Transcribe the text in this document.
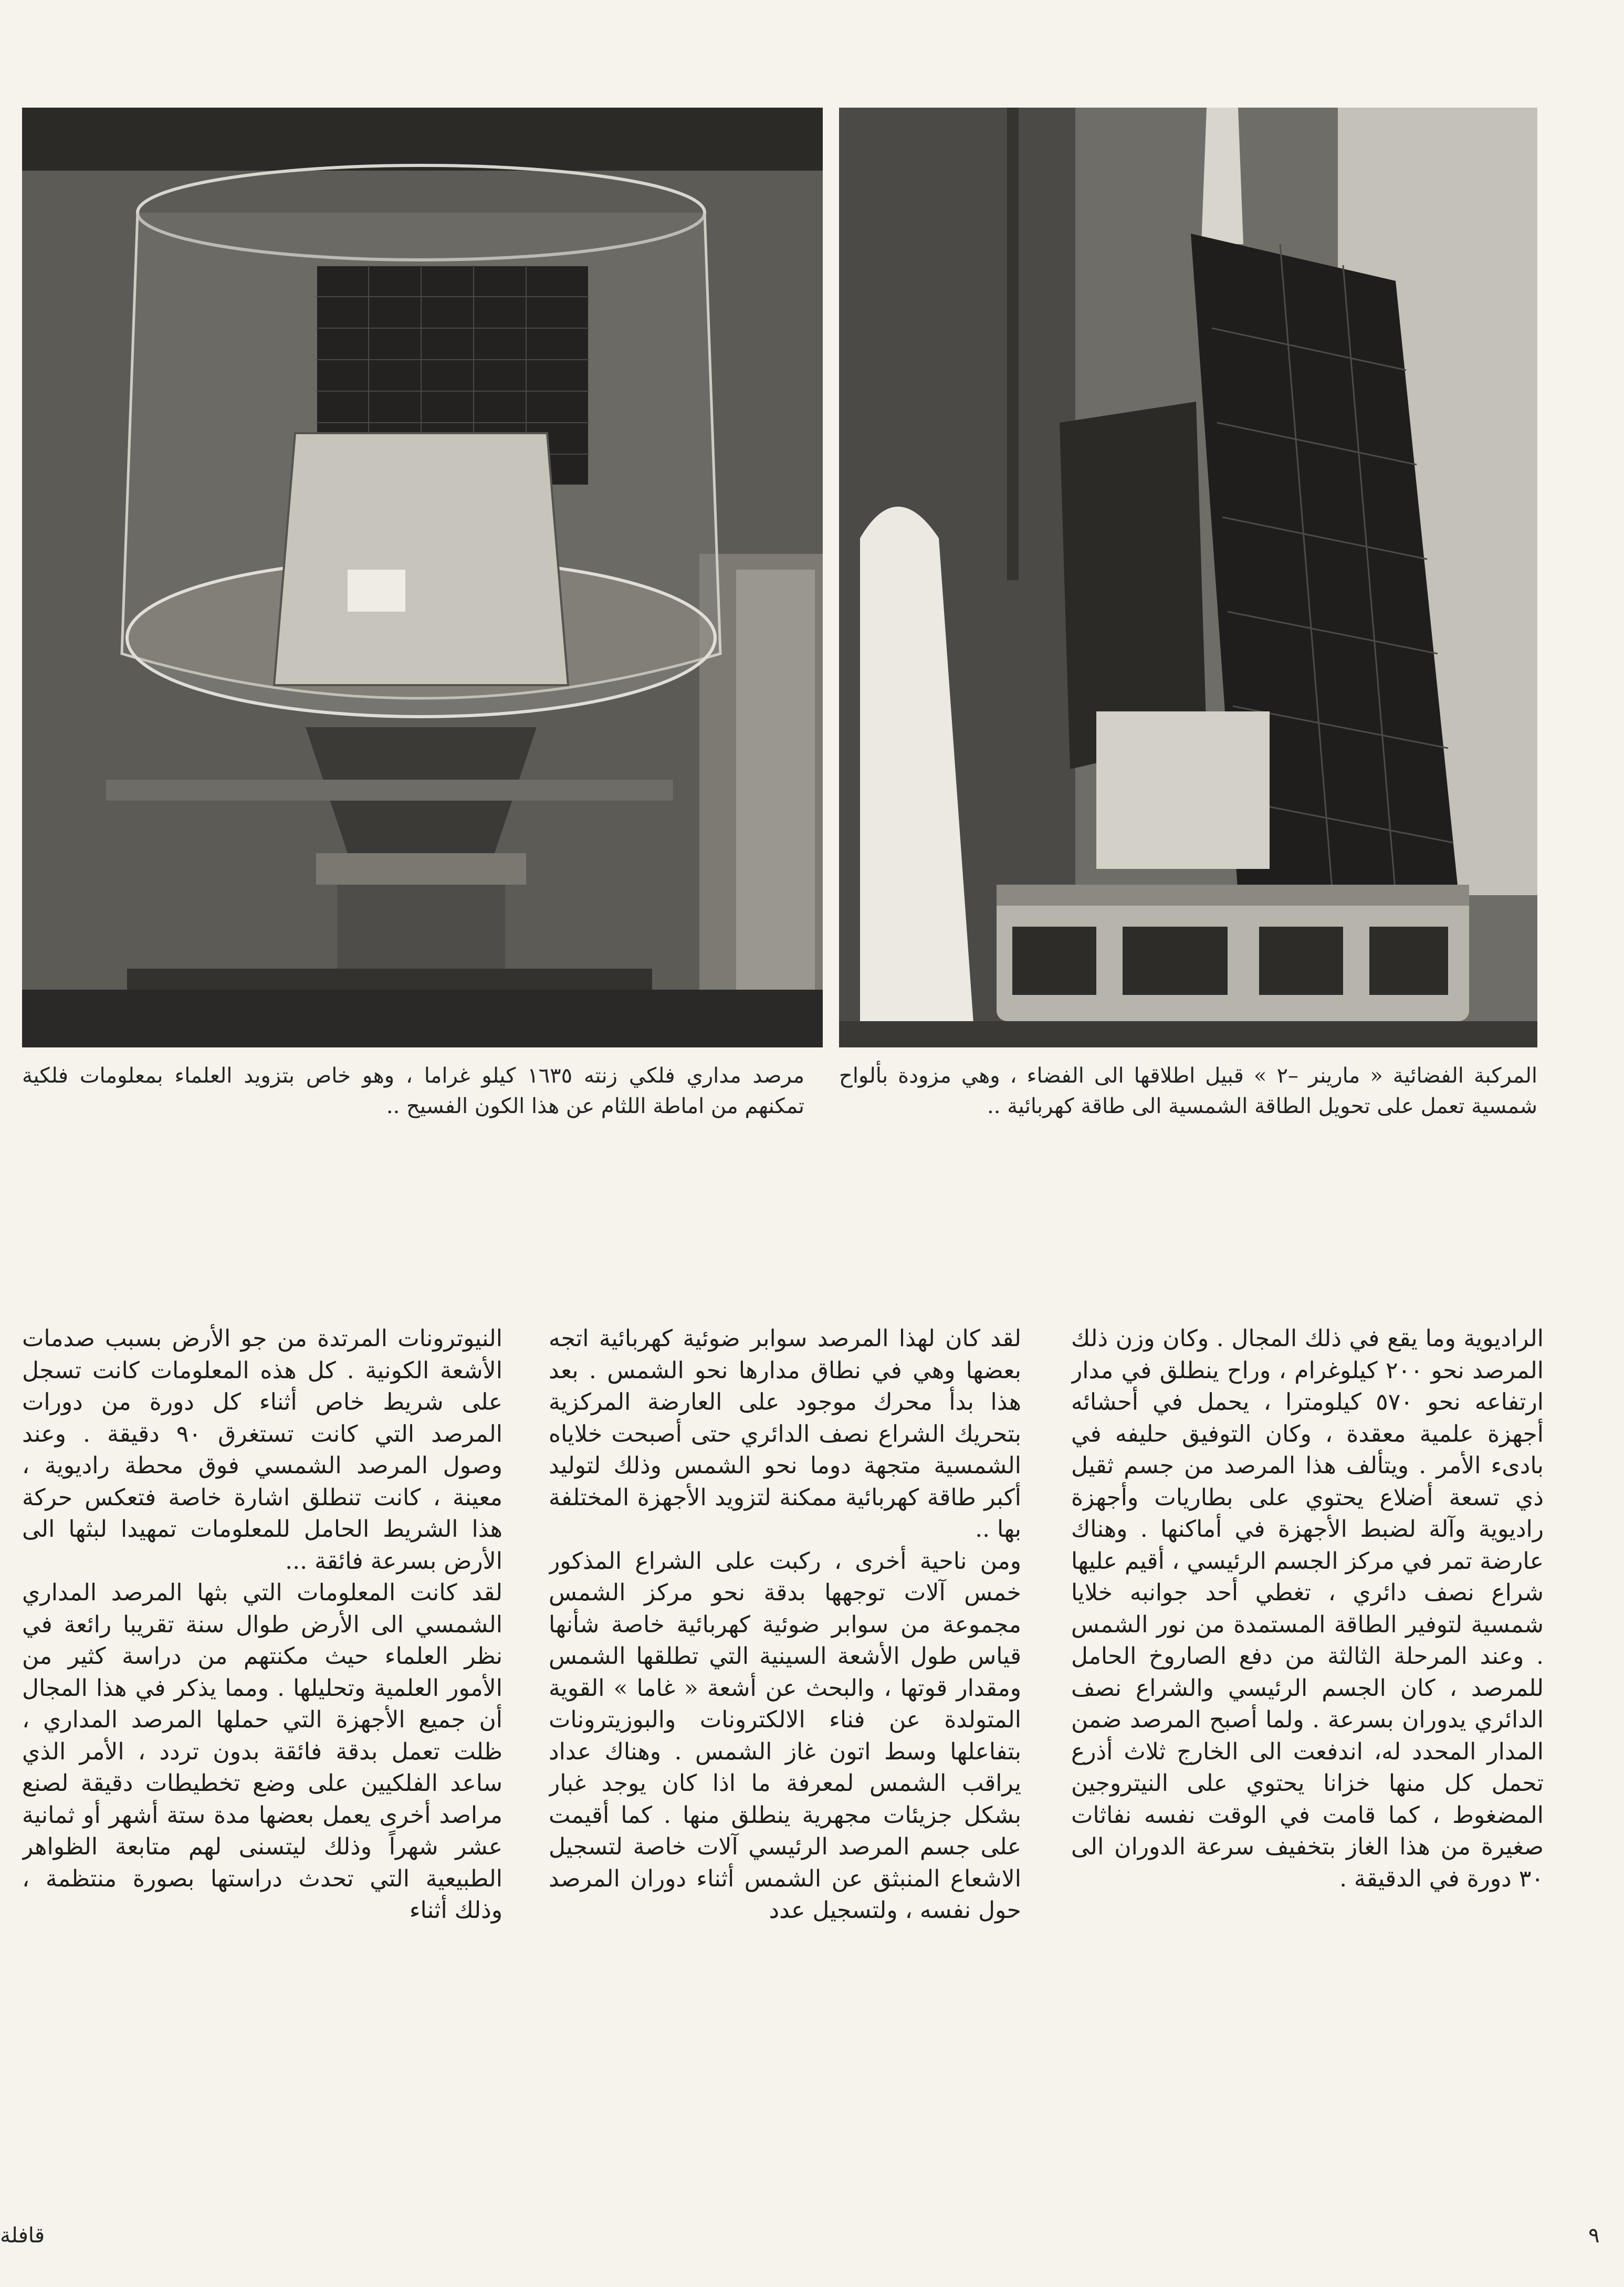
مرصد مداري فلكي زنته ١٦٣٥ كيلو غراما ، وهو خاص بتزويد العلماء بمعلومات فلكية تمكنهم من اماطة اللثام عن هذا الكون الفسيح ..
المركبة الفضائية « مارينر –٢ » قبيل اطلاقها الى الفضاء ، وهي مزودة بألواح شمسية تعمل على تحويل الطاقة الشمسية الى طاقة كهربائية ..

الراديوية وما يقع في ذلك المجال . وكان وزن ذلك المرصد نحو ٢٠٠ كيلوغرام ، وراح ينطلق في مدار ارتفاعه نحو ٥٧٠ كيلومترا ، يحمل في أحشائه أجهزة علمية معقدة ، وكان التوفيق حليفه في بادىء الأمر . ويتألف هذا المرصد من جسم ثقيل ذي تسعة أضلاع يحتوي على بطاريات وأجهزة راديوية وآلة لضبط الأجهزة في أماكنها . وهناك عارضة تمر في مركز الجسم الرئيسي ، أقيم عليها شراع نصف دائري ، تغطي أحد جوانبه خلايا شمسية لتوفير الطاقة المستمدة من نور الشمس . وعند المرحلة الثالثة من دفع الصاروخ الحامل للمرصد ، كان الجسم الرئيسي والشراع نصف الدائري يدوران بسرعة . ولما أصبح المرصد ضمن المدار المحدد له، اندفعت الى الخارج ثلاث أذرع تحمل كل منها خزانا يحتوي على النيتروجين المضغوط ، كما قامت في الوقت نفسه نفاثات صغيرة من هذا الغاز بتخفيف سرعة الدوران الى ٣٠ دورة في الدقيقة .

لقد كان لهذا المرصد سوابر ضوئية كهربائية اتجه بعضها وهي في نطاق مدارها نحو الشمس . بعد هذا بدأ محرك موجود على العارضة المركزية بتحريك الشراع نصف الدائري حتى أصبحت خلاياه الشمسية متجهة دوما نحو الشمس وذلك لتوليد أكبر طاقة كهربائية ممكنة لتزويد الأجهزة المختلفة بها ..

ومن ناحية أخرى ، ركبت على الشراع المذكور خمس آلات توجهها بدقة نحو مركز الشمس مجموعة من سوابر ضوئية كهربائية خاصة شأنها قياس طول الأشعة السينية التي تطلقها الشمس ومقدار قوتها ، والبحث عن أشعة « غاما » القوية المتولدة عن فناء الالكترونات والبوزيترونات بتفاعلها وسط اتون غاز الشمس . وهناك عداد يراقب الشمس لمعرفة ما اذا كان يوجد غبار بشكل جزيئات مجهرية ينطلق منها . كما أقيمت على جسم المرصد الرئيسي آلات خاصة لتسجيل الاشعاع المنبثق عن الشمس أثناء دوران المرصد حول نفسه ، ولتسجيل عدد

النيوترونات المرتدة من جو الأرض بسبب صدمات الأشعة الكونية . كل هذه المعلومات كانت تسجل على شريط خاص أثناء كل دورة من دورات المرصد التي كانت تستغرق ٩٠ دقيقة . وعند وصول المرصد الشمسي فوق محطة راديوية ، معينة ، كانت تنطلق اشارة خاصة فتعكس حركة هذا الشريط الحامل للمعلومات تمهيدا لبثها الى الأرض بسرعة فائقة ...

لقد كانت المعلومات التي بثها المرصد المداري الشمسي الى الأرض طوال سنة تقريبا رائعة في نظر العلماء حيث مكنتهم من دراسة كثير من الأمور العلمية وتحليلها . ومما يذكر في هذا المجال أن جميع الأجهزة التي حملها المرصد المداري ، ظلت تعمل بدقة فائقة بدون تردد ، الأمر الذي ساعد الفلكيين على وضع تخطيطات دقيقة لصنع مراصد أخرى يعمل بعضها مدة ستة أشهر أو ثمانية عشر شهراً وذلك ليتسنى لهم متابعة الظواهر الطبيعية التي تحدث دراستها بصورة منتظمة ، وذلك أثناء

٩
قافلة
